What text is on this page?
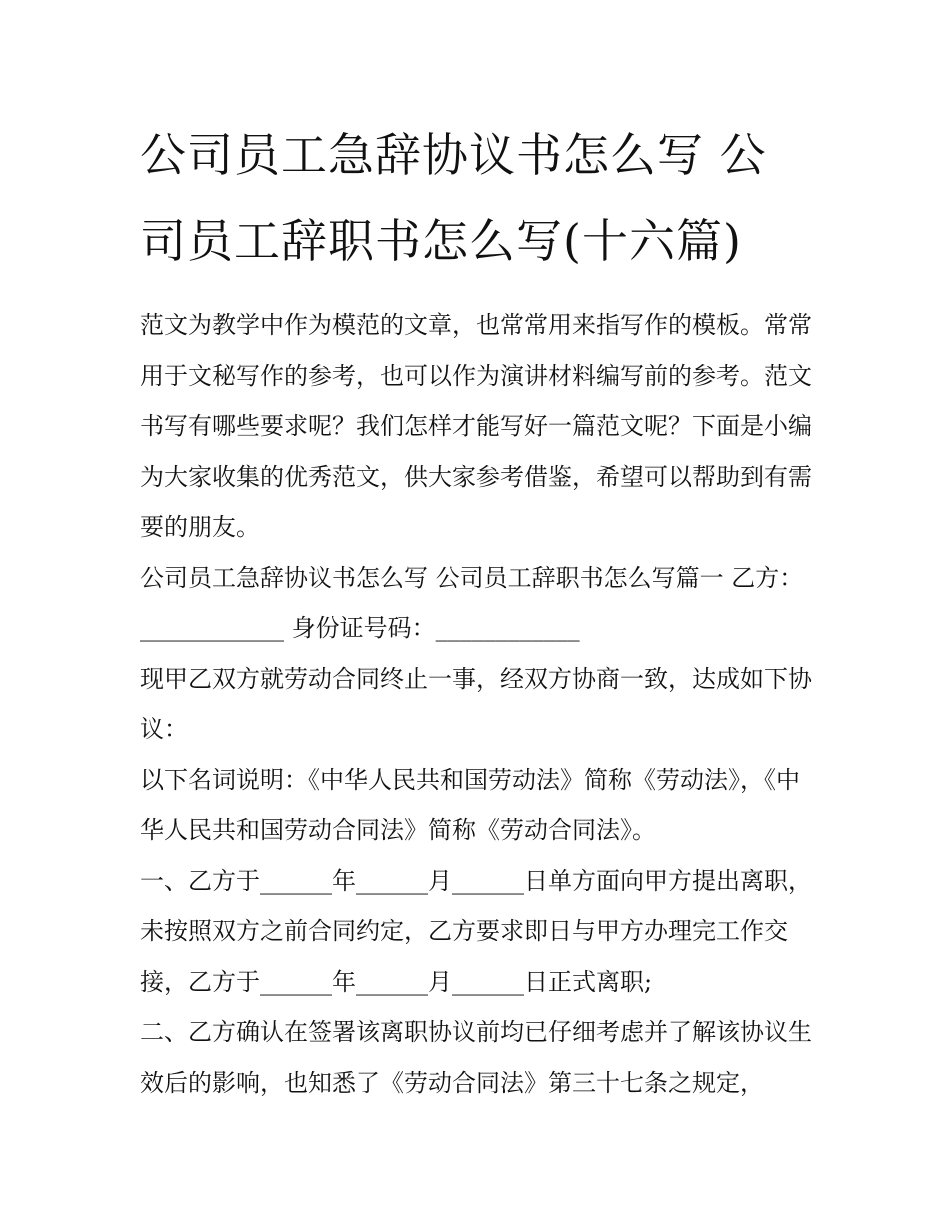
公司员工急辞协议书怎么写 公司员工辞职书怎么写(十六篇)

范文为教学中作为模范的文章，也常常用来指写作的模板。常常用于文秘写作的参考，也可以作为演讲材料编写前的参考。范文书写有哪些要求呢？我们怎样才能写好一篇范文呢？下面是小编为大家收集的优秀范文，供大家参考借鉴，希望可以帮助到有需要的朋友。

公司员工急辞协议书怎么写 公司员工辞职书怎么写篇一 乙方：____________ 身份证号码：____________

现甲乙双方就劳动合同终止一事，经双方协商一致，达成如下协议：

以下名词说明：《中华人民共和国劳动法》简称《劳动法》，《中华人民共和国劳动合同法》简称《劳动合同法》。

一、乙方于______年______月______日单方面向甲方提出离职，未按照双方之前合同约定，乙方要求即日与甲方办理完工作交接，乙方于______年______月______日正式离职;

二、乙方确认在签署该离职协议前均已仔细考虑并了解该协议生效后的影响，也知悉了《劳动合同法》第三十七条之规定，
